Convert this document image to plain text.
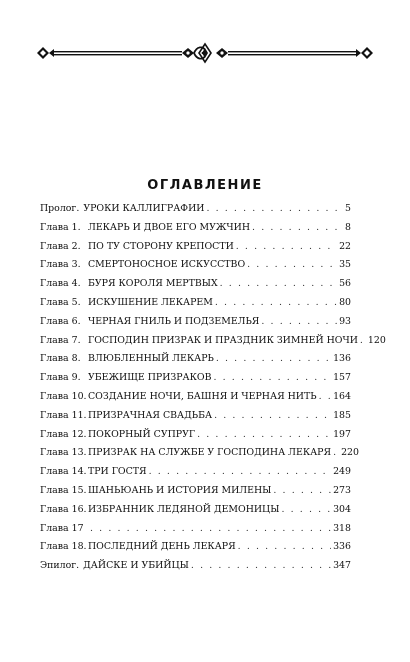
ОГЛАВЛЕНИЕ
Пролог. УРОКИ КАЛЛИГРАФИИ . . .	5
Глава 1. ЛЕКАРЬ И ДВОЕ ЕГО МУЖЧИН . . .	8
Глава 2. ПО ТУ СТОРОНУ КРЕПОСТИ . . .	22
Глава 3. СМЕРТОНОСНОЕ ИСКУССТВО . . .	35
Глава 4. БУРЯ КОРОЛЯ МЕРТВЫХ . . .	56
Глава 5. ИСКУШЕНИЕ ЛЕКАРЕМ . . .	80
Глава 6. ЧЕРНАЯ ГНИЛЬ И ПОДЗЕМЕЛЬЯ . . .	93
Глава 7. ГОСПОДИН ПРИЗРАК И ПРАЗДНИК ЗИМНЕЙ НОЧИ . . . 120
Глава 8. ВЛЮБЛЕННЫЙ ЛЕКАРЬ . . .	136
Глава 9. УБЕЖИЩЕ ПРИЗРАКОВ . . .	157
Глава 10. СОЗДАНИЕ НОЧИ, БАШНЯ И ЧЕРНАЯ НИТЬ . . . 164
Глава 11. ПРИЗРАЧНАЯ СВАДЬБА . . .	185
Глава 12. ПОКОРНЫЙ СУПРУГ . . .	197
Глава 13. ПРИЗРАК НА СЛУЖБЕ У ГОСПОДИНА ЛЕКАРЯ . . . 220
Глава 14. ТРИ ГОСТЯ . . .	249
Глава 15. ШАНЬЮАНЬ И ИСТОРИЯ МИЛЕНЫ . . .	273
Глава 16. ИЗБРАННИК ЛЕДЯНОЙ ДЕМОНИЦЫ . . .	304
Глава 17 . . .	318
Глава 18. ПОСЛЕДНИЙ ДЕНЬ ЛЕКАРЯ . . .	336
Эпилог. ДАЙСКЕ И УБИЙЦЫ . . .	347
